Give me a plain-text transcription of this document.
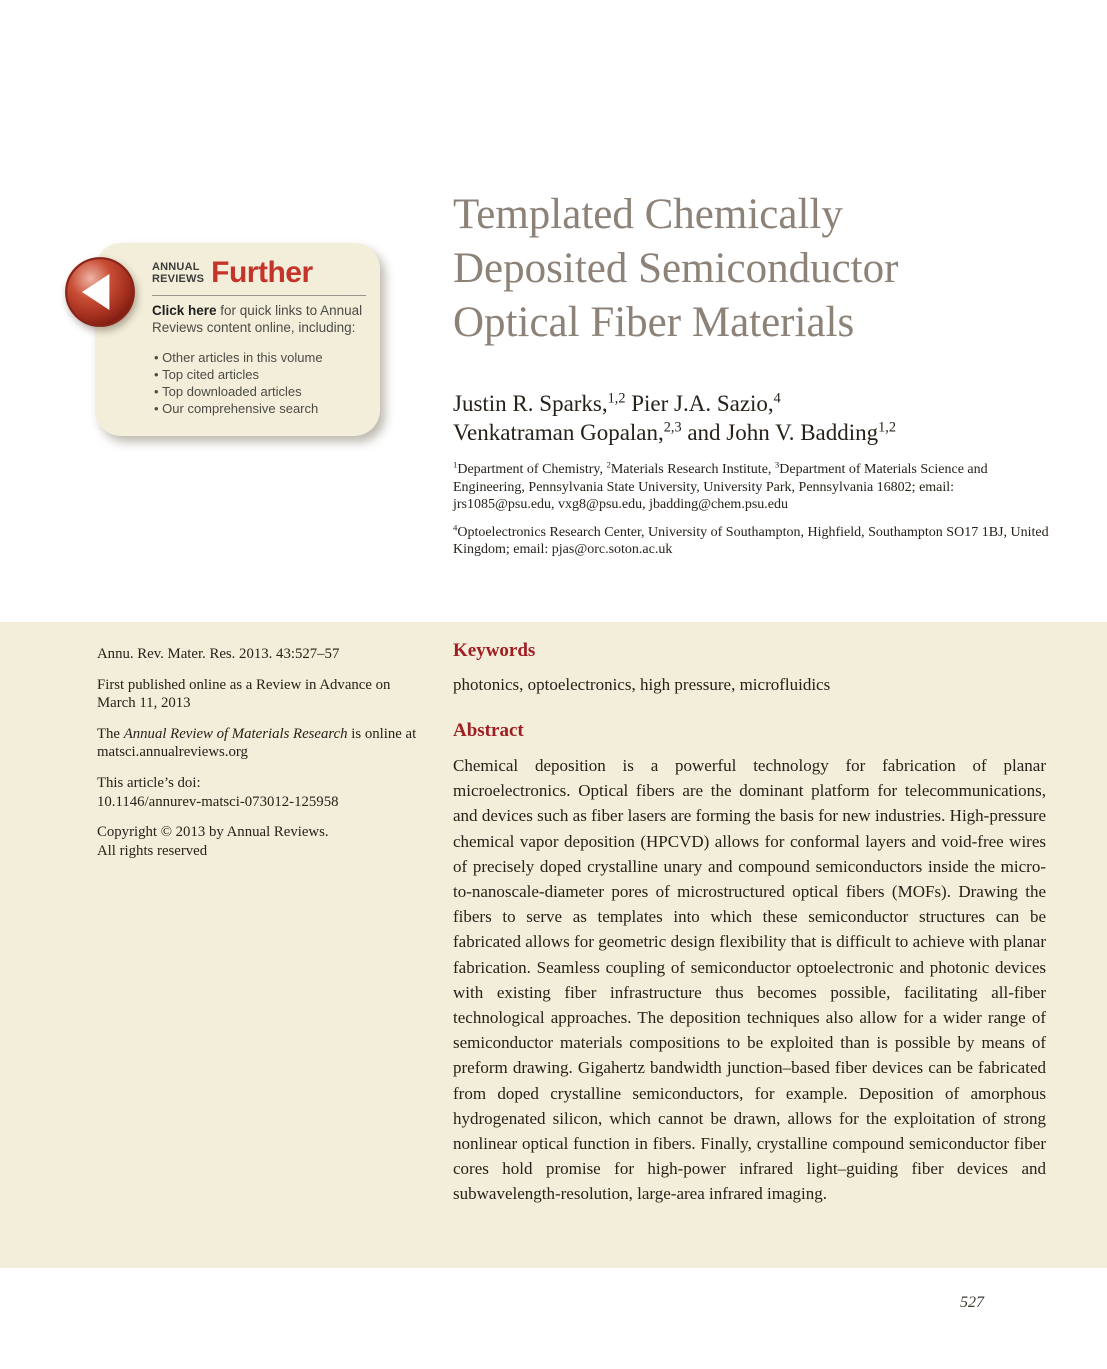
ANNUAL
REVIEWS Further

Click here for quick links to Annual Reviews content online, including:

• Other articles in this volume
• Top cited articles
• Top downloaded articles
• Our comprehensive search
Templated Chemically
Deposited Semiconductor
Optical Fiber Materials
Justin R. Sparks,$^{1,2}$ Pier J.A. Sazio,$^4$
Venkatraman Gopalan,$^{2,3}$ and John V. Badding$^{1,2}$

$^1$Department of Chemistry, $^2$Materials Research Institute, $^3$Department of Materials Science and Engineering, Pennsylvania State University, University Park, Pennsylvania 16802; email: jrs1085@psu.edu, vxg8@psu.edu, jbadding@chem.psu.edu

$^4$Optoelectronics Research Center, University of Southampton, Highfield, Southampton SO17 1BJ, United Kingdom; email: pjas@orc.soton.ac.uk

Annu. Rev. Mater. Res. 2013. 43:527–57

First published online as a Review in Advance on
March 11, 2013

The Annual Review of Materials Research is online at
matsci.annualreviews.org

This article’s doi:
10.1146/annurev-matsci-073012-125958

Copyright © 2013 by Annual Reviews.
All rights reserved

Keywords

photonics, optoelectronics, high pressure, microfluidics

Abstract

Chemical deposition is a powerful technology for fabrication of planar microelectronics. Optical fibers are the dominant platform for telecommunications, and devices such as fiber lasers are forming the basis for new industries. High-pressure chemical vapor deposition (HPCVD) allows for conformal layers and void-free wires of precisely doped crystalline unary and compound semiconductors inside the micro-to-nanoscale-diameter pores of microstructured optical fibers (MOFs). Drawing the fibers to serve as templates into which these semiconductor structures can be fabricated allows for geometric design flexibility that is difficult to achieve with planar fabrication. Seamless coupling of semiconductor optoelectronic and photonic devices with existing fiber infrastructure thus becomes possible, facilitating all-fiber technological approaches. The deposition techniques also allow for a wider range of semiconductor materials compositions to be exploited than is possible by means of preform drawing. Gigahertz bandwidth junction–based fiber devices can be fabricated from doped crystalline semiconductors, for example. Deposition of amorphous hydrogenated silicon, which cannot be drawn, allows for the exploitation of strong nonlinear optical function in fibers. Finally, crystalline compound semiconductor fiber cores hold promise for high-power infrared light–guiding fiber devices and subwavelength-resolution, large-area infrared imaging.

527
